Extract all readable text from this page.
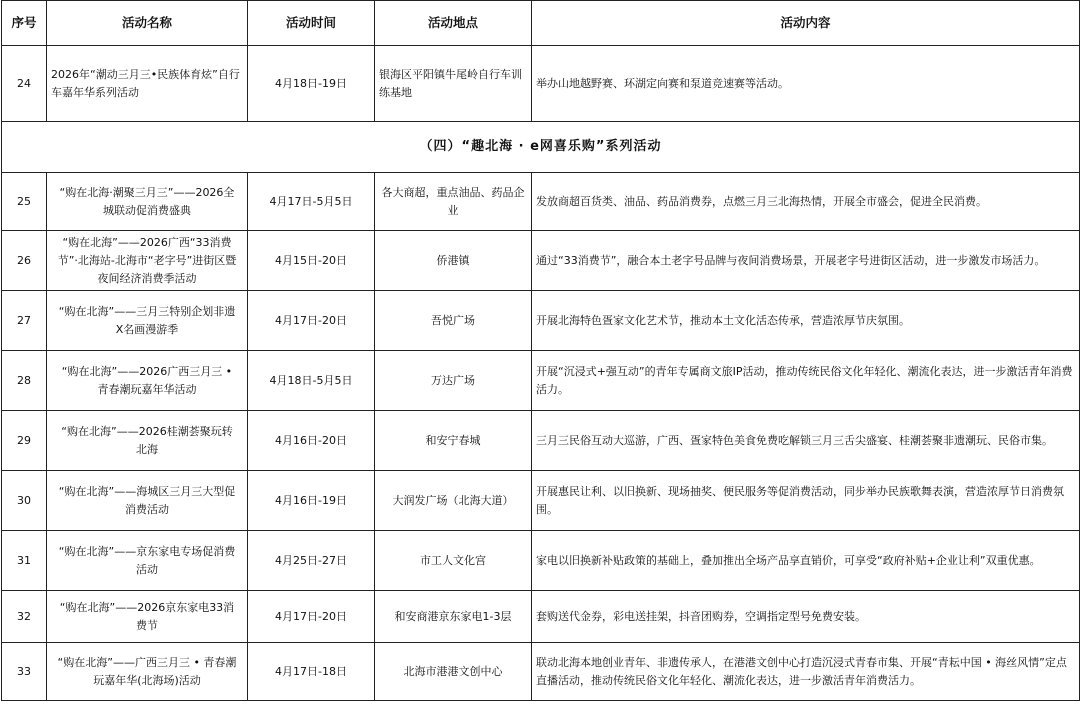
序号	活动名称	活动时间	活动地点	活动内容
24	2026年“潮动三月三•民族体育炫”自行车嘉年华系列活动	4月18日-19日	银海区平阳镇牛尾岭自行车训练基地	举办山地越野赛、环湖定向赛和泵道竞速赛等活动。
（四）“趣北海 · e网喜乐购”系列活动				
25	“购在北海·潮聚三月三”——2026全城联动促消费盛典	4月17日-5月5日	各大商超，重点油品、药品企业	发放商超百货类、油品、药品消费券，点燃三月三北海热情，开展全市盛会，促进全民消费。
26	“购在北海”——2026广西“33消费节”·北海站-北海市“老字号”进街区暨夜间经济消费季活动	4月15日-20日	侨港镇	通过“33消费节”，融合本土老字号品牌与夜间消费场景，开展老字号进街区活动，进一步激发市场活力。
27	“购在北海”——三月三特别企划非遗X名画漫游季	4月17日-20日	吾悦广场	开展北海特色疍家文化艺术节，推动本土文化活态传承，营造浓厚节庆氛围。
28	“购在北海”——2026广西三月三 • 青春潮玩嘉年华活动	4月18日-5月5日	万达广场	开展“沉浸式+强互动”的青年专属商文旅IP活动，推动传统民俗文化年轻化、潮流化表达，进一步激活青年消费活力。
29	“购在北海”——2026桂潮荟聚玩转北海	4月16日-20日	和安宁春城	三月三民俗互动大巡游，广西、疍家特色美食免费吃解锁三月三舌尖盛宴、桂潮荟聚非遗潮玩、民俗市集。
30	“购在北海”——海城区三月三大型促消费活动	4月16日-19日	大润发广场（北海大道）	开展惠民让利、以旧换新、现场抽奖、便民服务等促消费活动，同步举办民族歌舞表演，营造浓厚节日消费氛围。
31	“购在北海”——京东家电专场促消费活动	4月25日-27日	市工人文化宫	家电以旧换新补贴政策的基础上，叠加推出全场产品享直销价，可享受“政府补贴+企业让利”双重优惠。
32	“购在北海”——2026京东家电33消费节	4月17日-20日	和安商港京东家电1-3层	套购送代金券，彩电送挂架，抖音团购券，空调指定型号免费安装。
33	“购在北海”——广西三月三 • 青春潮玩嘉年华(北海场)活动	4月17日-18日	北海市港港文创中心	联动北海本地创业青年、非遗传承人，在港港文创中心打造沉浸式青春市集、开展“青耘中国 • 海丝风情”定点直播活动，推动传统民俗文化年轻化、潮流化表达，进一步激活青年消费活力。
